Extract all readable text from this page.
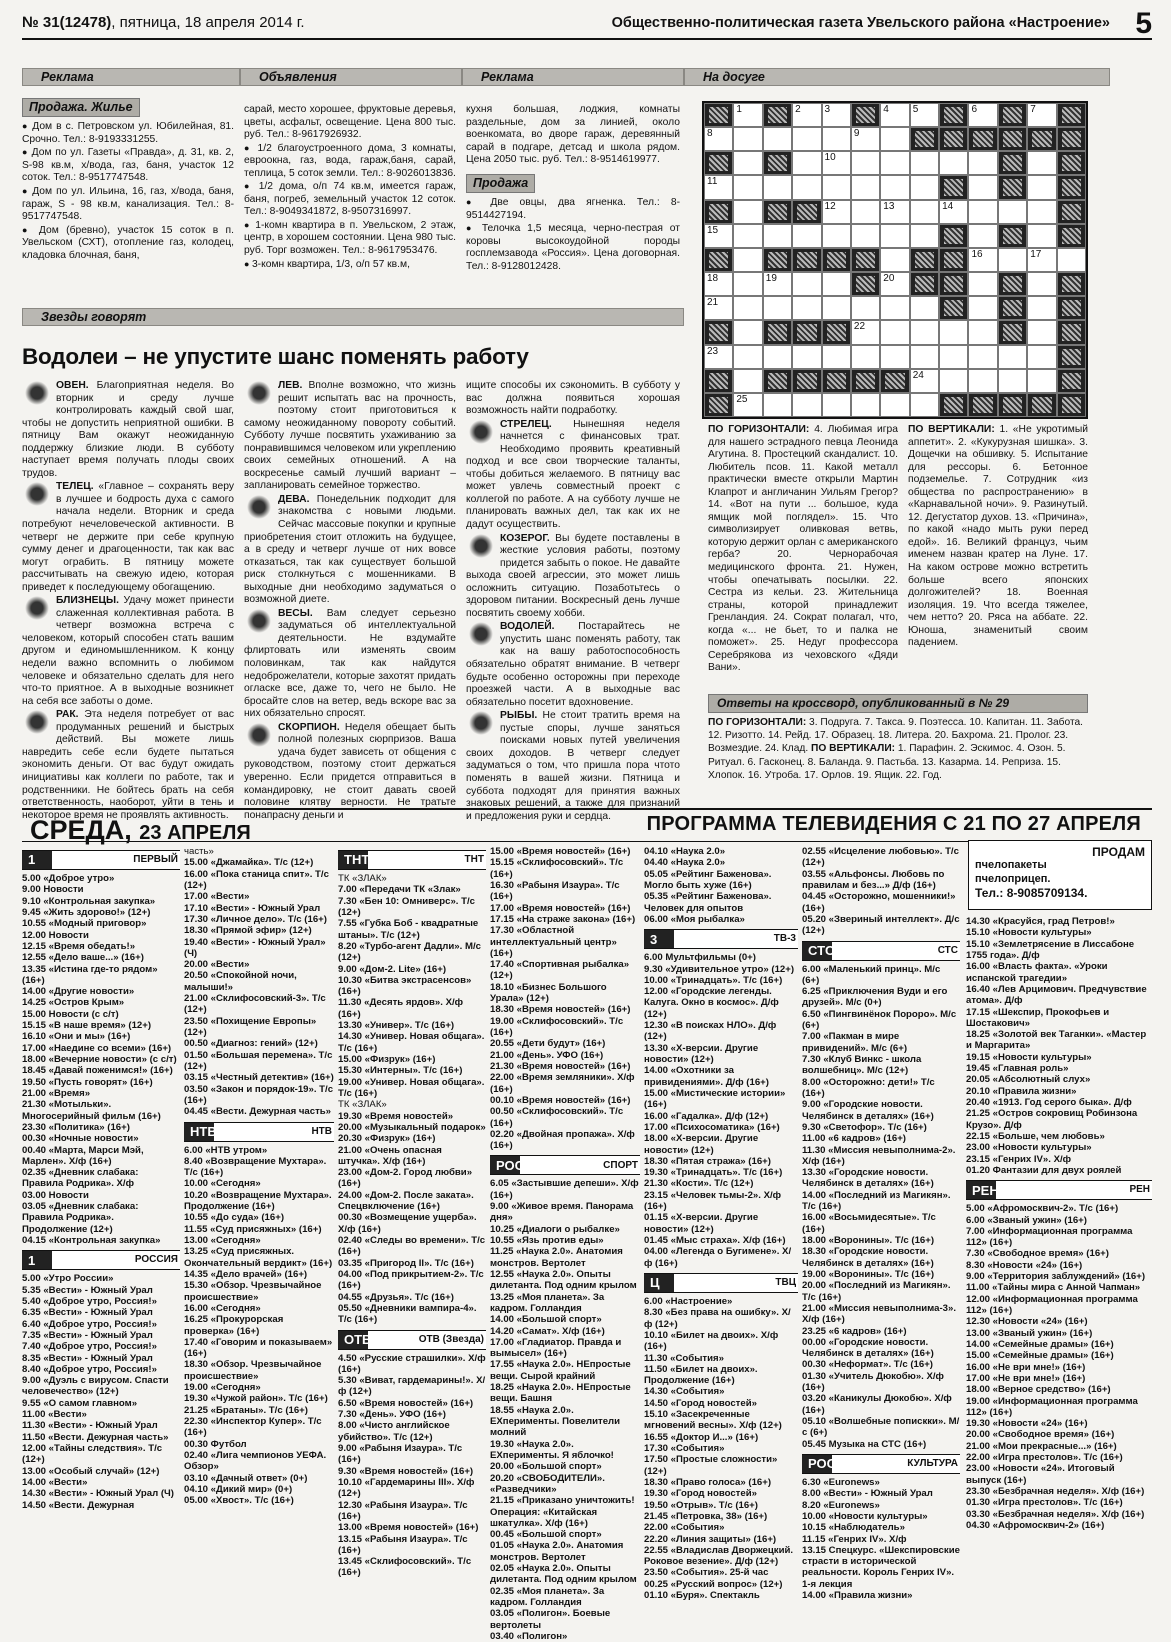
№ 31(12478), пятница, 18 апреля 2014 г.	Общественно-политическая газета Увельского района «Настроение» 5
Реклама	Объявления	Реклама	На досуге
Продажа. Жилье

● Дом в с. Петровском ул. Юбилейная, 81. Срочно. Тел.: 8-9193331255.

● Дом по ул. Газеты «Правда», д. 31, кв. 2, S-98 кв.м, х/вода, газ, баня, участок 12 соток. Тел.: 8-9517747548.

● Дом по ул. Ильина, 16, газ, х/вода, баня, гараж, S - 98 кв.м, канализация. Тел.: 8-9517747548.

● Дом (бревно), участок 15 соток в п. Увельском (СХТ), отопление газ, колодец, кладовка блочная, баня,

сарай, место хорошее, фруктовые деревья, цветы, асфальт, освещение. Цена 800 тыс. руб. Тел.: 8-9617926932.

● 1/2 благоустроенного дома, 3 комнаты, евроокна, газ, вода, гараж,баня, сарай, теплица, 5 соток земли. Тел.: 8-9026013836.

● 1/2 дома, о/п 74 кв.м, имеется гараж, баня, погреб, земельный участок 12 соток. Тел.: 8-9049341872, 8-9507316997.

● 1-комн квартира в п. Увельском, 2 этаж, центр, в хорошем состоянии. Цена 980 тыс. руб. Торг возможен. Тел.: 8-9617953476.

● 3-комн квартира, 1/3, о/п 57 кв.м,

кухня большая, лоджия, комнаты раздельные, дом за линией, около военкомата, во дворе гараж, деревянный сарай в подгаре, детсад и школа рядом. Цена 2050 тыс. руб. Тел.: 8-9514619977.

Продажа

● Две овцы, два ягненка. Тел.: 8-9514427194.

● Телочка 1,5 месяца, черно-пестрая от коровы высокоудойной породы госплемзавода «Россия». Цена договорная. Тел.: 8-9128012428.

Звезды говорят
Водолеи – не упустите шанс поменять работу

ОВЕН. Благоприятная неделя. Во вторник и среду лучше контролировать каждый свой шаг, чтобы не допустить неприятной ошибки. В пятницу Вам окажут неожиданную поддержку близкие люди. В субботу наступает время получать плоды своих трудов.

ТЕЛЕЦ. «Главное – сохранять веру в лучшее и бодрость духа с самого начала недели. Вторник и среда потребуют нечеловеческой активности. В четверг не держите при себе крупную сумму денег и драгоценности, так как вас могут ограбить. В пятницу можете рассчитывать на свежую идею, которая приведет к последующему обогащению.

БЛИЗНЕЦЫ. Удачу может принести слаженная коллективная работа. В четверг возможна встреча с человеком, который способен стать вашим другом и единомышленником. К концу недели важно вспомнить о любимом человеке и обязательно сделать для него что-то приятное. А в выходные возникнет на себя все заботы о доме.

РАК. Эта неделя потребует от вас продуманных решений и быстрых действий. Вы можете лишь навредить себе если будете пытаться экономить деньги. От вас будут ожидать инициативы как коллеги по работе, так и родственники. Не бойтесь брать на себя ответственность, наоборот, уйти в тень и некоторое время не проявлять активность.

ЛЕВ. Вполне возможно, что жизнь решит испытать вас на прочность, поэтому стоит приготовиться к самому неожиданному повороту событий. Субботу лучше посвятить ухаживанию за понравившимся человеком или укреплению своих семейных отношений. А на воскресенье самый лучший вариант – запланировать семейное торжество.

ДЕВА. Понедельник подходит для знакомства с новыми людьми. Сейчас массовые покупки и крупные приобретения стоит отложить на будущее, а в среду и четверг лучше от них вовсе отказаться, так как существует большой риск столкнуться с мошенниками. В выходные дни необходимо задуматься о возможной диете.

ВЕСЫ. Вам следует серьезно задуматься об интеллектуальной деятельности. Не вздумайте флиртовать или изменять своим половинкам, так как найдутся недоброжелатели, которые захотят придать огласке все, даже то, чего не было. Не бросайте слов на ветер, ведь вскоре вас за них обязательно спросят.

СКОРПИОН. Неделя обещает быть полной полезных сюрпризов. Ваша удача будет зависеть от общения с руководством, поэтому стоит держаться уверенно. Если придется отправиться в командировку, не стоит давать своей половине клятву верности. Не тратьте понапрасну деньги и

ищите способы их сэкономить. В субботу у вас должна появиться хорошая возможность найти подработку.

СТРЕЛЕЦ. Нынешняя неделя начнется с финансовых трат. Необходимо проявить креативный подход и все свои творческие таланты, чтобы добиться желаемого. В пятницу вас может увлечь совместный проект с коллегой по работе. А на субботу лучше не планировать важных дел, так как их не дадут осуществить.

КОЗЕРОГ. Вы будете поставлены в жесткие условия работы, поэтому придется забыть о покое. Не давайте выхода своей агрессии, это может лишь осложнить ситуацию. Позаботьтесь о здоровом питании. Воскресный день лучше посвятить своему хобби.

ВОДОЛЕЙ. Постарайтесь не упустить шанс поменять работу, так как на вашу работоспособность обязательно обратят внимание. В четверг будьте особенно осторожны при переходе проезжей части. А в выходные вас обязательно посетит вдохновение.

РЫБЫ. Не стоит тратить время на пустые споры, лучше заняться поисками новых путей увеличения своих доходов. В четверг следует задуматься о том, что пришла пора чтото поменять в вашей жизни. Пятница и суббота подходят для принятия важных знаковых решений, а также для признаний и предложения руки и сердца.

1	2 3	4 5	6	7
8	9
10
11
12	13	14
15
16	17
18	19	20
21
22
23
24
25

ПО ГОРИЗОНТАЛИ: 4. Любимая игра для нашего эстрадного певца Леонида Агутина. 8. Простецкий скандалист. 10. Любитель псов. 11. Какой металл практически вместе открыли Мартин Клапрот и англичанин Уильям Грегор? 14. «Вот на пути ... большое, куда ямщик мой поглядел». 15. Что символизирует оливковая ветвь, которую держит орлан с американского герба? 20. Чернорабочая медицинского фронта. 21. Нужен, чтобы опечатывать посылки. 22. Сестра из кельи. 23. Жительница страны, которой принадлежит Гренландия. 24. Сократ полагал, что, когда «... не бьет, то и палка не поможет». 25. Недуг профессора Серебрякова из чеховского «Дяди Вани».

ПО ВЕРТИКАЛИ: 1. «Не укротимый аппетит». 2. «Кукурузная шишка». 3. Дощечки на обшивку. 5. Испытание для рессоры. 6. Бетонное подземелье. 7. Сотрудник «из общества по распространению» в «Карнавальной ночи». 9. Разинутый. 12. Дегустатор духов. 13. «Причина», по какой «надо мыть руки перед едой». 16. Великий француз, чьим именем назван кратер на Луне. 17. На каком острове можно встретить больше всего японских долгожителей? 18. Военная изоляция. 19. Что всегда тяжелее, чем нетто? 20. Ряса на аббате. 22. Юноша, знаменитый своим падением.

Ответы на кроссворд, опубликованный в № 29
ПО ГОРИЗОНТАЛИ: 3. Подруга. 7. Такса. 9. Поэтесса. 10. Капитан. 11. Забота. 12. Ризотто. 14. Рейд. 17. Образец. 18. Литера. 20. Бахрома. 21. Пролог. 23. Возмездие. 24. Клад. ПО ВЕРТИКАЛИ: 1. Парафин. 2. Эскимос. 4. Озон. 5. Ритуал. 6. Гасконец. 8. Баланда. 9. Пастьба. 13. Казарма. 14. Репризa. 15. Хлопок. 16. Утроба. 17. Орлов. 19. Ящик. 22. Год.
СРЕДА, 23 АПРЕЛЯ	ПРОГРАММА ТЕЛЕВИДЕНИЯ С 21 ПО 27 АПРЕЛЯ
1	ПЕРВЫЙ
5.00 «Доброе утро»
9.00 Новости
9.10 «Контрольная закупка»
9.45 «Жить здорово!» (12+)
10.55 «Модный приговор»
12.00 Новости
12.15 «Время обедать!»
12.55 «Дело ваше...» (16+)
13.35 «Истина где-то рядом» (16+)
14.00 «Другие новости»
14.25 «Остров Крым»
15.00 Новости (с с/т)
15.15 «В наше время» (12+)
16.10 «Они и мы» (16+)
17.00 «Наедине со всеми» (16+)
18.00 «Вечерние новости» (с с/т)
18.45 «Давай поженимся!» (16+)
19.50 «Пусть говорят» (16+)
21.00 «Время»
21.30 «Мотыльки». Многосерийный фильм (16+)
23.30 «Политика» (16+)
00.30 «Ночные новости»
00.40 «Марта, Марси Мэй, Марлен». Х/ф (16+)
02.35 «Дневник слабака: Правила Родрика». Х/ф
03.00 Новости
03.05 «Дневник слабака: Правила Родрика». Продолжение (12+)
04.15 «Контрольная закупка»
1	РОССИЯ
5.00 «Утро России»
5.35 «Вести» - Южный Урал
5.40 «Доброе утро, Россия!»
6.35 «Вести» - Южный Урал
6.40 «Доброе утро, Россия!»
7.35 «Вести» - Южный Урал
7.40 «Доброе утро, Россия!»
8.35 «Вести» - Южный Урал
8.40 «Доброе утро, Россия!»
9.00 «Дуэль с вирусом. Спасти человечество» (12+)
9.55 «О самом главном»
11.00 «Вести»
11.30 «Вести» - Южный Урал
11.50 «Вести. Дежурная часть»
12.00 «Тайны следствия». Т/с (12+)
13.00 «Особый случай» (12+)
14.00 «Вести»
14.30 «Вести» - Южный Урал (Ч)
14.50 «Вести. Дежурная
часть»
15.00 «Джамайка». Т/с (12+)
16.00 «Пока станица спит». Т/с (12+)
17.00 «Вести»
17.10 «Вести» - Южный Урал
17.30 «Личное дело». Т/с (16+)
18.30 «Прямой эфир» (12+)
19.40 «Вести» - Южный Урал» (Ч)
20.00 «Вести»
20.50 «Спокойной ночи, малыши!»
21.00 «Склифосовский-3». Т/с (12+)
23.50 «Похищение Европы» (12+)
00.50 «Диагноз: гений» (12+)
01.50 «Большая перемена». Т/с (12+)
03.15 «Честный детектив» (16+)
03.50 «Закон и порядок-19». Т/с (16+)
04.45 «Вести. Дежурная часть»
НТВ	НТВ
6.00 «НТВ утром»
8.40 «Возвращение Мухтара». Т/с (16+)
10.00 «Сегодня»
10.20 «Возвращение Мухтара». Продолжение (16+)
10.55 «До суда» (16+)
11.55 «Суд присяжных» (16+)
13.00 «Сегодня»
13.25 «Суд присяжных. Окончательный вердикт» (16+)
14.35 «Дело врачей» (16+)
15.30 «Обзор. Чрезвычайное происшествие»
16.00 «Сегодня»
16.25 «Прокурорская проверка» (16+)
17.40 «Говорим и показываем» (16+)
18.30 «Обзор. Чрезвычайное происшествие»
19.00 «Сегодня»
19.30 «Чужой район». Т/с (16+)
21.25 «Братаны». Т/с (16+)
22.30 «Инспектор Купер». Т/с (16+)
00.30 Футбол
02.40 «Лига чемпионов УЕФА. Обзор»
03.10 «Дачный ответ» (0+)
04.10 «Дикий мир» (0+)
05.00 «Хвост». Т/с (16+)
ТНТ	ТНТ
ТК «ЗЛАК»
7.00 «Передачи ТК «Злак»
7.30 «Бен 10: Омниверс». Т/с (12+)
7.55 «Губка Боб - квадратные штаны». Т/с (12+)
8.20 «Турбо-агент Дадли». М/с (12+)
9.00 «Дом-2. Lite» (16+)
10.30 «Битва экстрасенсов» (16+)
11.30 «Десять ярдов». Х/ф (16+)
13.30 «Универ». Т/с (16+)
14.30 «Универ. Новая общага». Т/с (16+)
15.00 «Физрук» (16+)
15.30 «Интерны». Т/с (16+)
19.00 «Универ. Новая общага». Т/с (16+)
ТК «ЗЛАК»
19.30 «Время новостей»
20.00 «Музыкальный подарок»
20.30 «Физрук» (16+)
21.00 «Очень опасная штучка». Х/ф (16+)
23.00 «Дом-2. Город любви» (16+)
24.00 «Дом-2. После заката». Спецвключение (16+)
00.30 «Возмещение ущерба». Х/ф (16+)
02.40 «Следы во времени». Т/с (16+)
03.35 «Пригород II». Т/с (16+)
04.00 «Под прикрытием-2». Т/с (16+)
04.55 «Друзья». Т/с (16+)
05.50 «Дневники вампира-4». Т/с (16+)
ОТВ	ОТВ (Звезда)
4.50 «Русские страшилки». Х/ф (16+)
5.30 «Виват, гардемарины!». Х/ф (12+)
6.50 «Время новостей» (16+)
7.30 «День». УФО (16+)
8.00 «Чисто английское убийство». Т/с (12+)
9.00 «Рабыня Изаура». Т/с (16+)
9.30 «Время новостей» (16+)
10.10 «Гардемарины III». Х/ф (12+)
12.30 «Рабыня Изаура». Т/с (16+)
13.00 «Время новостей» (16+)
13.15 «Рабыня Изаура». Т/с (16+)
13.45 «Склифосовский». Т/с (16+)
15.00 «Время новостей» (16+)
15.15 «Склифосовский». Т/с (16+)
16.30 «Рабыня Изаура». Т/с (16+)
17.00 «Время новостей» (16+)
17.15 «На страже закона» (16+)
17.30 «Областной интеллектуальный центр» (16+)
17.40 «Спортивная рыбалка» (12+)
18.10 «Бизнес Большого Урала» (12+)
18.30 «Время новостей» (16+)
19.00 «Склифосовский». Т/с (16+)
20.55 «Дети будут» (16+)
21.00 «День». УФО (16+)
21.30 «Время новостей» (16+)
22.00 «Время земляники». Х/ф (16+)
00.10 «Время новостей» (16+)
00.50 «Склифосовский». Т/с (16+)
02.20 «Двойная пропажа». Х/ф (16+)
РОССИЯ 2	СПОРТ
6.05 «Застывшие депеши». Х/ф (16+)
9.00 «Живое время. Панорама дня»
10.25 «Диалоги о рыбалке»
10.55 «Язь против еды»
11.25 «Наука 2.0». Анатомия монстров. Вертолет
12.55 «Наука 2.0». Опыты дилетанта. Под одним крылом
13.25 «Моя планета». За кадром. Голландия
14.00 «Большой спорт»
14.20 «Самат». Х/ф (16+)
17.00 «Гладиатор. Правда и вымысел» (16+)
17.55 «Наука 2.0». НЕпростые вещи. Сырой крайний
18.25 «Наука 2.0». НЕпростые вещи. Башня
18.55 «Наука 2.0». EXперименты. Повелители молний
19.30 «Наука 2.0». EXперименты. Я яблочко!
20.00 «Большой спорт»
20.20 «СВОБОДИТЕЛИ». «Разведчики»
21.15 «Приказано уничтожить! Операция: «Китайская шкатулка». Х/ф (16+)
00.45 «Большой спорт»
01.05 «Наука 2.0». Анатомия монстров. Вертолет
02.05 «Наука 2.0». Опыты дилетанта. Под одним крылом
02.35 «Моя планета». За кадром. Голландия
03.05 «Полигон». Боевые вертолеты
03.40 «Полигон»
04.10 «Наука 2.0»
04.40 «Наука 2.0»
05.05 «Рейтинг Баженова». Могло быть хуже (16+)
05.35 «Рейтинг Баженова». Человек для опытов
06.00 «Моя рыбалка»
3	ТВ-3
6.00 Мультфильмы (0+)
9.30 «Удивительное утро» (12+)
10.00 «Тринадцать». Т/с (16+)
12.00 «Городские легенды. Калуга. Окно в космос». Д/ф (12+)
12.30 «В поисках НЛО». Д/ф (12+)
13.30 «Х-версии. Другие новости» (12+)
14.00 «Охотники за привидениями». Д/ф (16+)
15.00 «Мистические истории» (16+)
16.00 «Гадалка». Д/ф (12+)
17.00 «Психосоматика» (16+)
18.00 «Х-версии. Другие новости» (12+)
18.30 «Пятая стража» (16+)
19.30 «Тринадцать». Т/с (16+)
21.30 «Кости». Т/с (12+)
23.15 «Человек тьмы-2». Х/ф (16+)
01.15 «Х-версии. Другие новости» (12+)
01.45 «Мыс страха». Х/ф (16+)
04.00 «Легенда о Бугимене». Х/ф (16+)
Ц	ТВЦ
6.00 «Настроение»
8.30 «Без права на ошибку». Х/ф (12+)
10.10 «Билет на двоих». Х/ф (16+)
11.30 «События»
11.50 «Билет на двоих». Продолжение (16+)
14.30 «События»
14.50 «Город новостей»
15.10 «Засекреченные мгновений весны». Х/ф (12+)
16.55 «Доктор И...» (16+)
17.30 «События»
17.50 «Простые сложности» (12+)
18.30 «Право голоса» (16+)
19.30 «Город новостей»
19.50 «Отрыв». Т/с (16+)
21.45 «Петровка, 38» (16+)
22.00 «События»
22.20 «Линия защиты» (16+)
22.55 «Владислав Дворжецкий. Роковое везение». Д/ф (12+)
23.50 «События». 25-й час
00.25 «Русский вопрос» (12+)
01.10 «Буря». Спектакль
02.55 «Исцеление любовью». Т/с (12+)
03.55 «Альфонсы. Любовь по правилам и без...» Д/ф (16+)
04.45 «Осторожно, мошенники!» (16+)
05.20 «Звериный интеллект». Д/с (12+)
СТС	СТС
6.00 «Маленький принц». М/с (6+)
6.25 «Приключения Вуди и его друзей». М/с (0+)
6.50 «Пингвинёнок Пороро». М/с (6+)
7.00 «Пакман в мире привидений». М/с (6+)
7.30 «Клуб Винкс - школа волшебниц». М/с (12+)
8.00 «Осторожно: дети!» Т/с (16+)
9.00 «Городские новости. Челябинск в деталях» (16+)
9.30 «Светофор». Т/с (16+)
11.00 «6 кадров» (16+)
11.30 «Миссия невыполнима-2». Х/ф (16+)
13.30 «Городские новости. Челябинск в деталях» (16+)
14.00 «Последний из Магикян». Т/с (16+)
16.00 «Восьмидесятые». Т/с (16+)
18.00 «Воронины». Т/с (16+)
18.30 «Городские новости. Челябинск в деталях» (16+)
19.00 «Воронины». Т/с (16+)
20.00 «Последний из Магикян». Т/с (16+)
21.00 «Миссия невыполнима-3». Х/ф (16+)
23.25 «6 кадров» (16+)
00.00 «Городские новости. Челябинск в деталях» (16+)
00.30 «Неформат». Т/с (16+)
01.30 «Учитель Дюкобю». Х/ф (16+)
03.20 «Каникулы Дюкобю». Х/ф (16+)
05.10 «Волшебные попискки». М/с (6+)
05.45 Музыка на СТС (16+)
РОССИЯ К	КУЛЬТУРА
6.30 «Euronews»
8.00 «Вести» - Южный Урал
8.20 «Euronews»
10.00 «Новости культуры»
10.15 «Наблюдатель»
11.15 «Генрих IV». Х/ф
13.15 Спецкурс. «Шекспировские страсти в исторической реальности. Король Генрих IV». 1-я лекция
14.00 «Правила жизни»
ПРОДАМ
пчелопакеты
пчелоприцеп.
Тел.: 8-9085709134.
14.30 «Красуйся, град Петров!»
15.10 «Новости культуры»
15.10 «Землетрясение в Лиссабоне 1755 года». Д/ф
16.00 «Власть факта». «Уроки испанской трагедии»
16.40 «Лев Арцимович. Предчувствие атома». Д/ф
17.15 «Шекспир, Прокофьев и Шостакович»
18.25 «Золотой век Таганки». «Мастер и Маргарита»
19.15 «Новости культуры»
19.45 «Главная роль»
20.05 «Абсолютный слух»
20.10 «Правила жизни»
20.40 «1913. Год серого быка». Д/ф
21.25 «Остров сокровищ Робинзона Крузо». Д/ф
22.15 «Больше, чем любовь»
23.00 «Новости культуры»
23.15 «Генрих IV». Х/ф
01.20 Фантазии для двух роялей
РЕН	РЕН
5.00 «Афромосквич-2». Т/с (16+)
6.00 «Званый ужин» (16+)
7.00 «Информационная программа 112» (16+)
7.30 «Свободное время» (16+)
8.30 «Новости «24» (16+)
9.00 «Территория заблуждений» (16+)
11.00 «Тайны мира с Анной Чапман»
12.00 «Информационная программа 112» (16+)
12.30 «Новости «24» (16+)
13.00 «Званый ужин» (16+)
14.00 «Семейные драмы» (16+)
15.00 «Семейные драмы» (16+)
16.00 «Не ври мне!» (16+)
17.00 «Не ври мне!» (16+)
18.00 «Верное средство» (16+)
19.00 «Информационная программа 112» (16+)
19.30 «Новости «24» (16+)
20.00 «Свободное время» (16+)
21.00 «Мои прекрасные...» (16+)
22.00 «Игра престолов». Т/с (16+)
23.00 «Новости «24». Итоговый выпуск (16+)
23.30 «Безбрачная неделя». Х/ф (16+)
01.30 «Игра престолов». Т/с (16+)
03.30 «Безбрачная неделя». Х/ф (16+)
04.30 «Афромосквич-2» (16+)
